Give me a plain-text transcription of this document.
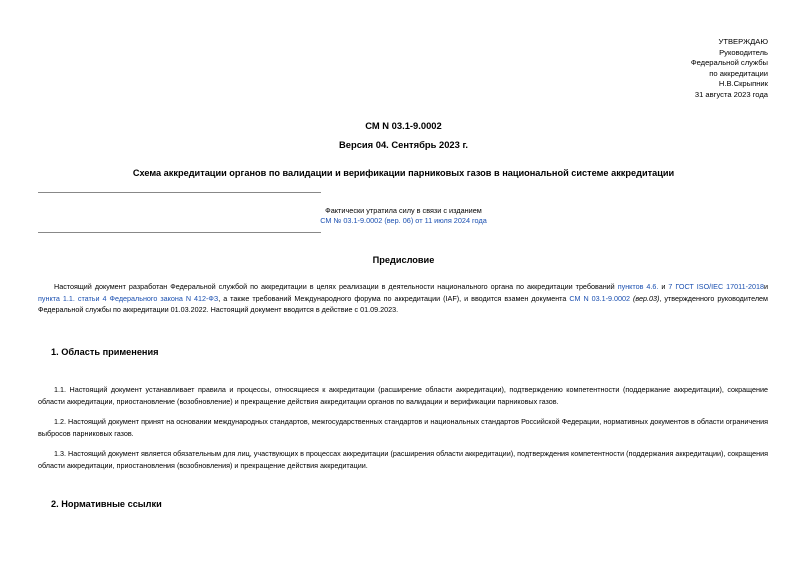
УТВЕРЖДАЮ
Руководитель
Федеральной службы
по аккредитации
Н.В.Скрыпник
31 августа 2023 года
СМ N 03.1-9.0002
Версия 04. Сентябрь 2023 г.
Схема аккредитации органов по валидации и верификации парниковых газов в национальной системе аккредитации
Фактически утратила силу в связи с изданием
СМ № 03.1-9.0002 (вер. 06) от 11 июля 2024 года
Предисловие
Настоящий документ разработан Федеральной службой по аккредитации в целях реализации в деятельности национального органа по аккредитации требований пунктов 4.6. и 7 ГОСТ ISO/IEC 17011-2018и пункта 1.1. статьи 4 Федерального закона N 412-ФЗ, а также требований Международного форума по аккредитации (IAF), и вводится взамен документа СМ N 03.1-9.0002 (вер.03), утвержденного руководителем Федеральной службы по аккредитации 01.03.2022. Настоящий документ вводится в действие с 01.09.2023.
1. Область применения
1.1. Настоящий документ устанавливает правила и процессы, относящиеся к аккредитации (расширение области аккредитации), подтверждению компетентности (поддержание аккредитации), сокращение области аккредитации, приостановление (возобновление) и прекращение действия аккредитации органов по валидации и верификации парниковых газов.
1.2. Настоящий документ принят на основании международных стандартов, межгосударственных стандартов и национальных стандартов Российской Федерации, нормативных документов в области ограничения выбросов парниковых газов.
1.3. Настоящий документ является обязательным для лиц, участвующих в процессах аккредитации (расширения области аккредитации), подтверждения компетентности (поддержания аккредитации), сокращения области аккредитации, приостановления (возобновления) и прекращение действия аккредитации.
2. Нормативные ссылки
